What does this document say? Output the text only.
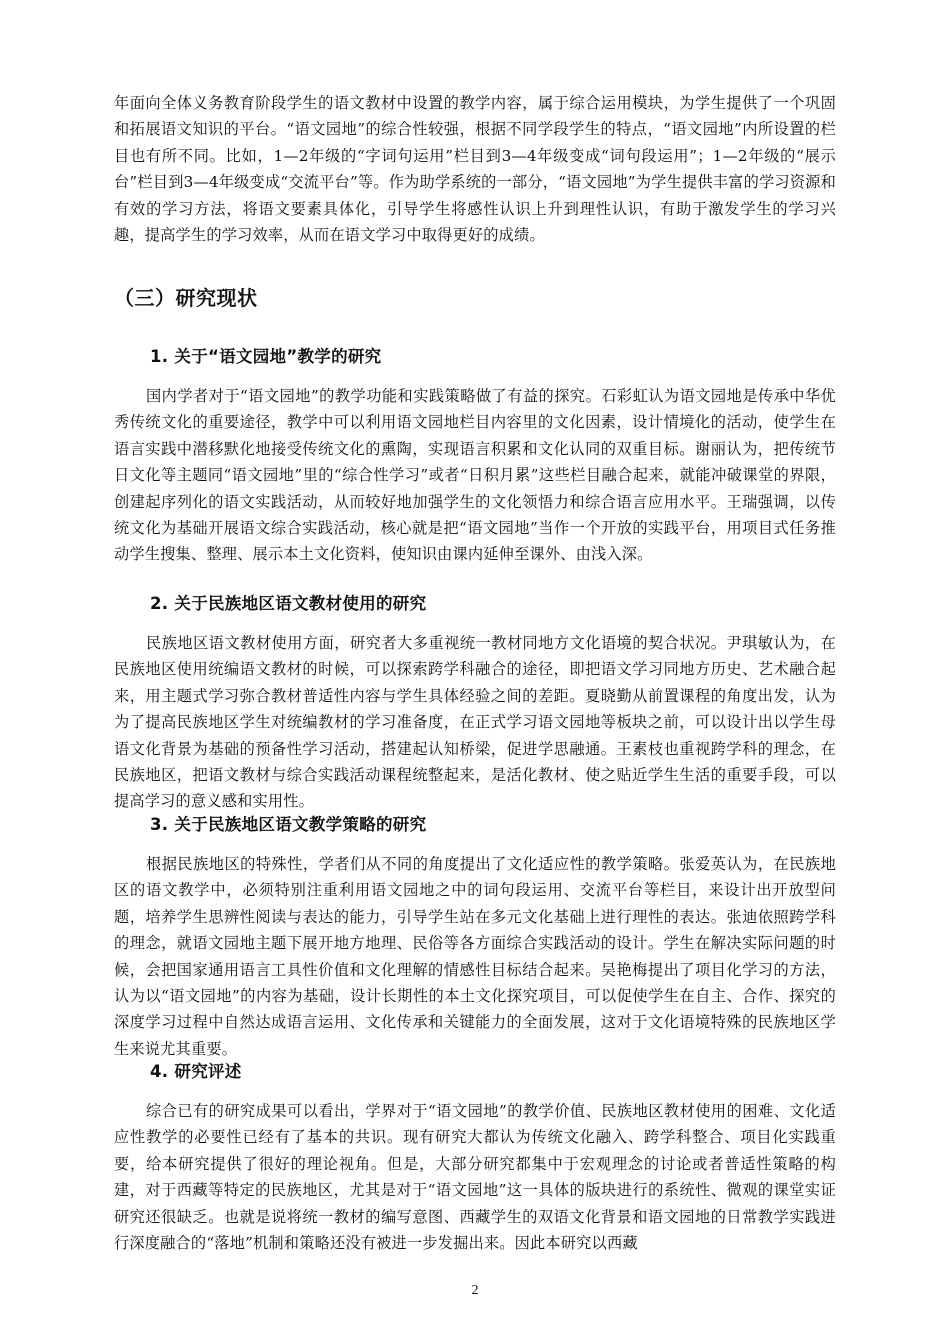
年面向全体义务教育阶段学生的语文教材中设置的教学内容，属于综合运用模块，为学生提供了一个巩固和拓展语文知识的平台。“语文园地”的综合性较强，根据不同学段学生的特点，“语文园地”内所设置的栏目也有所不同。比如，1—2年级的“字词句运用”栏目到3—4年级变成“词句段运用”；1—2年级的“展示台”栏目到3—4年级变成“交流平台”等。作为助学系统的一部分，“语文园地”为学生提供丰富的学习资源和有效的学习方法，将语文要素具体化，引导学生将感性认识上升到理性认识，有助于激发学生的学习兴趣，提高学生的学习效率，从而在语文学习中取得更好的成绩。

（三）研究现状
1. 关于“语文园地”教学的研究

国内学者对于“语文园地”的教学功能和实践策略做了有益的探究。石彩虹认为语文园地是传承中华优秀传统文化的重要途径，教学中可以利用语文园地栏目内容里的文化因素，设计情境化的活动，使学生在语言实践中潜移默化地接受传统文化的熏陶，实现语言积累和文化认同的双重目标。谢丽认为，把传统节日文化等主题同“语文园地”里的“综合性学习”或者“日积月累”这些栏目融合起来，就能冲破课堂的界限，创建起序列化的语文实践活动，从而较好地加强学生的文化领悟力和综合语言应用水平。王瑞强调，以传统文化为基础开展语文综合实践活动，核心就是把“语文园地”当作一个开放的实践平台，用项目式任务推动学生搜集、整理、展示本土文化资料，使知识由课内延伸至课外、由浅入深。

2. 关于民族地区语文教材使用的研究

民族地区语文教材使用方面，研究者大多重视统一教材同地方文化语境的契合状况。尹琪敏认为，在民族地区使用统编语文教材的时候，可以探索跨学科融合的途径，即把语文学习同地方历史、艺术融合起来，用主题式学习弥合教材普适性内容与学生具体经验之间的差距。夏晓勤从前置课程的角度出发，认为为了提高民族地区学生对统编教材的学习准备度，在正式学习语文园地等板块之前，可以设计出以学生母语文化背景为基础的预备性学习活动，搭建起认知桥梁，促进学思融通。王素枝也重视跨学科的理念，在民族地区，把语文教材与综合实践活动课程统整起来，是活化教材、使之贴近学生生活的重要手段，可以提高学习的意义感和实用性。

3. 关于民族地区语文教学策略的研究

根据民族地区的特殊性，学者们从不同的角度提出了文化适应性的教学策略。张爱英认为，在民族地区的语文教学中，必须特别注重利用语文园地之中的词句段运用、交流平台等栏目，来设计出开放型问题，培养学生思辨性阅读与表达的能力，引导学生站在多元文化基础上进行理性的表达。张迪依照跨学科的理念，就语文园地主题下展开地方地理、民俗等各方面综合实践活动的设计。学生在解决实际问题的时候，会把国家通用语言工具性价值和文化理解的情感性目标结合起来。吴艳梅提出了项目化学习的方法，认为以“语文园地”的内容为基础，设计长期性的本土文化探究项目，可以促使学生在自主、合作、探究的深度学习过程中自然达成语言运用、文化传承和关键能力的全面发展，这对于文化语境特殊的民族地区学生来说尤其重要。

4. 研究评述

综合已有的研究成果可以看出，学界对于“语文园地”的教学价值、民族地区教材使用的困难、文化适应性教学的必要性已经有了基本的共识。现有研究大都认为传统文化融入、跨学科整合、项目化实践重要，给本研究提供了很好的理论视角。但是，大部分研究都集中于宏观理念的讨论或者普适性策略的构建，对于西藏等特定的民族地区，尤其是对于“语文园地”这一具体的版块进行的系统性、微观的课堂实证研究还很缺乏。也就是说将统一教材的编写意图、西藏学生的双语文化背景和语文园地的日常教学实践进行深度融合的“落地”机制和策略还没有被进一步发掘出来。因此本研究以西藏

2
